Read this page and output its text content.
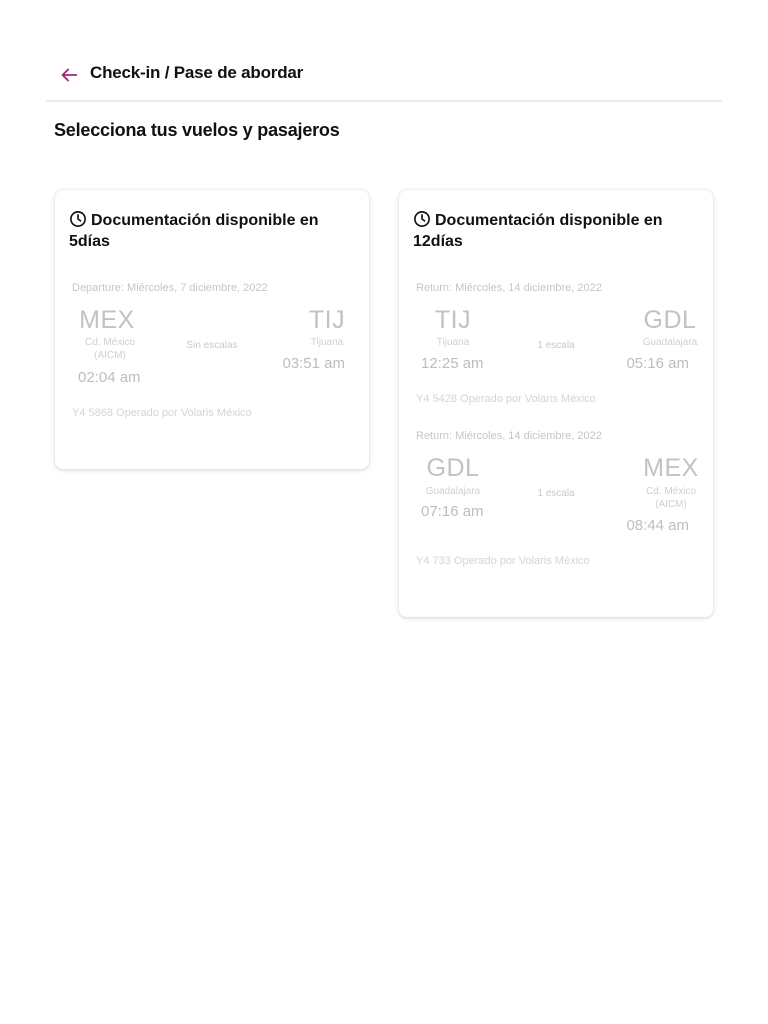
Check-in / Pase de abordar
Selecciona tus vuelos y pasajeros
Documentación disponible en 5días
Departure: Miércoles, 7 diciembre, 2022
MEX
Cd. México (AICM)
02:04 am
Sin escalas
TIJ
Tijuana
03:51 am
Y4 5868 Operado por Volaris México
Documentación disponible en 12días
Return: Miércoles, 14 diciembre, 2022
TIJ
Tijuana
12:25 am
1 escala
GDL
Guadalajara
05:16 am
Y4 5428 Operado por Volaris México
Return: Miércoles, 14 diciembre, 2022
GDL
Guadalajara
07:16 am
1 escala
MEX
Cd. México (AICM)
08:44 am
Y4 733 Operado por Volaris México
